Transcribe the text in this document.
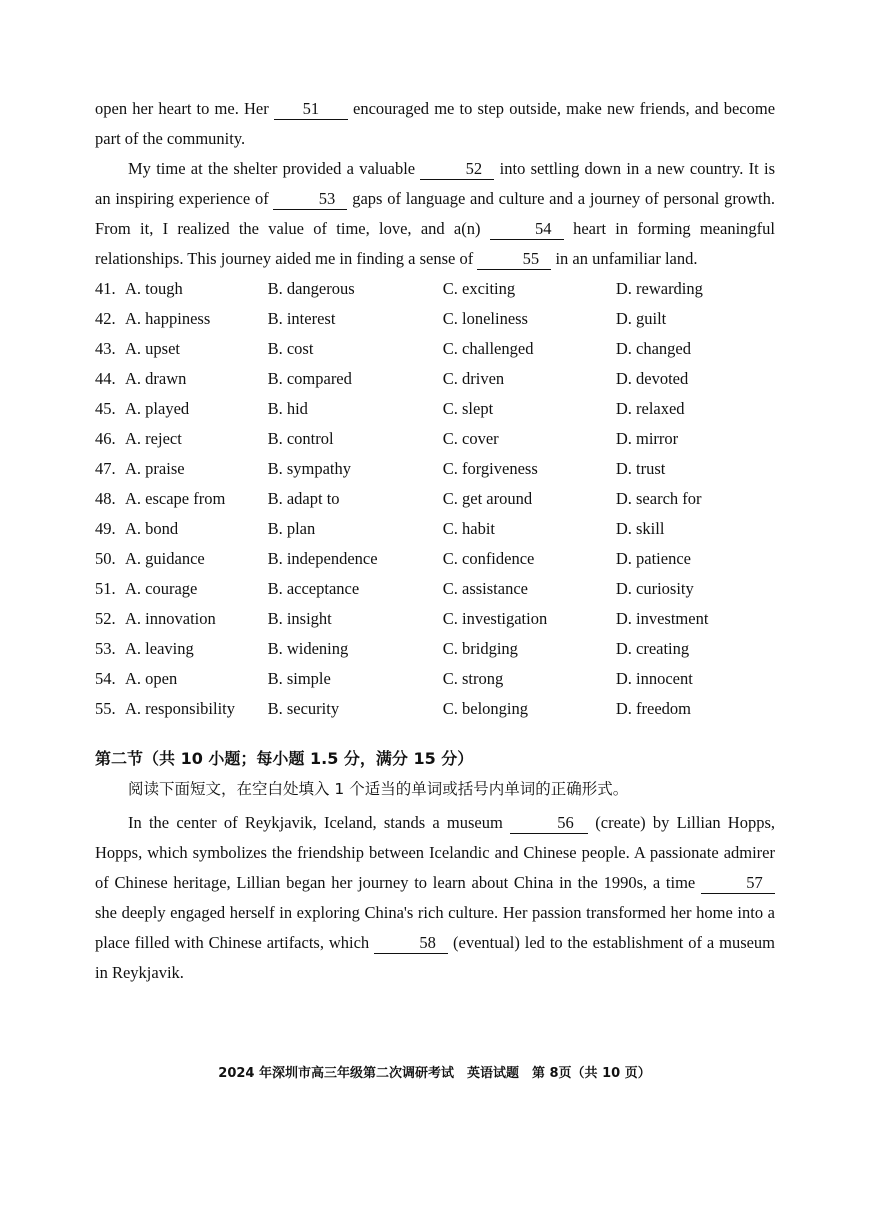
open her heart to me. Her 51 encouraged me to step outside, make new friends, and become part of the community.

My time at the shelter provided a valuable	52 into settling down in a new country. It is an inspiring experience of	53 gaps of language and culture and a journey of personal growth. From it, I realized the value of time, love, and a(n)	54 heart in forming meaningful relationships. This journey aided me in finding a sense of	55 in an unfamiliar land.

41. A. tough	B. dangerous	C. exciting	D. rewarding
42. A. happiness	B. interest	C. loneliness	D. guilt
43. A. upset	B. cost	C. challenged	D. changed
44. A. drawn	B. compared	C. driven	D. devoted
45. A. played	B. hid	C. slept	D. relaxed
46. A. reject	B. control	C. cover	D. mirror
47. A. praise	B. sympathy	C. forgiveness	D. trust
48. A. escape from	B. adapt to	C. get around	D. search for
49. A. bond	B. plan	C. habit	D. skill
50. A. guidance	B. independence	C. confidence	D. patience
51. A. courage	B. acceptance	C. assistance	D. curiosity
52. A. innovation	B. insight	C. investigation	D. investment
53. A. leaving	B. widening	C. bridging	D. creating
54. A. open	B. simple	C. strong	D. innocent
55. A. responsibility	B. security	C. belonging	D. freedom
第二节（共 10 小题；每小题 1.5 分，满分 15 分）

阅读下面短文，在空白处填入 1 个适当的单词或括号内单词的正确形式。

In the center of Reykjavik, Iceland, stands a museum	56 (create) by Lillian Hopps, Hopps, which symbolizes the friendship between Icelandic and Chinese people. A passionate admirer of Chinese heritage, Lillian began her journey to learn about China in the 1990s, a time	57 she deeply engaged herself in exploring China's rich culture. Her passion transformed her home into a place filled with Chinese artifacts, which	58 (eventual) led to the establishment of a museum in Reykjavik.

2024 年深圳市高三年级第二次调研考试　英语试题　第 8页（共 10 页）
